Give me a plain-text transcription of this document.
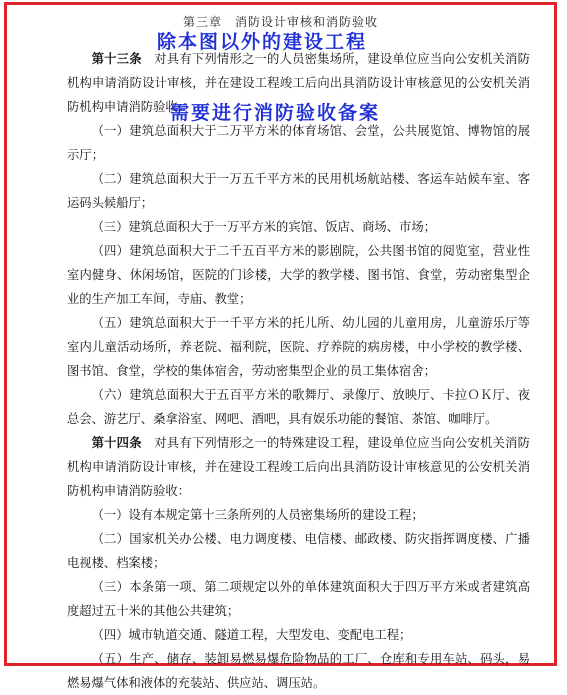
第三章　消防设计审核和消防验收

第十三条　对具有下列情形之一的人员密集场所，建设单位应当向公安机关消防机构申请消防设计审核，并在建设工程竣工后向出具消防设计审核意见的公安机关消防机构申请消防验收：

（一）建筑总面积大于二万平方米的体育场馆、会堂，公共展览馆、博物馆的展示厅；

（二）建筑总面积大于一万五千平方米的民用机场航站楼、客运车站候车室、客运码头候船厅；

（三）建筑总面积大于一万平方米的宾馆、饭店、商场、市场；

（四）建筑总面积大于二千五百平方米的影剧院，公共图书馆的阅览室，营业性室内健身、休闲场馆，医院的门诊楼，大学的教学楼、图书馆、食堂，劳动密集型企业的生产加工车间，寺庙、教堂；

（五）建筑总面积大于一千平方米的托儿所、幼儿园的儿童用房，儿童游乐厅等室内儿童活动场所，养老院、福利院，医院、疗养院的病房楼，中小学校的教学楼、图书馆、食堂，学校的集体宿舍，劳动密集型企业的员工集体宿舍；

（六）建筑总面积大于五百平方米的歌舞厅、录像厅、放映厅、卡拉ＯＫ厅、夜总会、游艺厅、桑拿浴室、网吧、酒吧，具有娱乐功能的餐馆、茶馆、咖啡厅。

第十四条　对具有下列情形之一的特殊建设工程，建设单位应当向公安机关消防机构申请消防设计审核，并在建设工程竣工后向出具消防设计审核意见的公安机关消防机构申请消防验收：

（一）设有本规定第十三条所列的人员密集场所的建设工程；

（二）国家机关办公楼、电力调度楼、电信楼、邮政楼、防灾指挥调度楼、广播电视楼、档案楼；

（三）本条第一项、第二项规定以外的单体建筑面积大于四万平方米或者建筑高度超过五十米的其他公共建筑；

（四）城市轨道交通、隧道工程，大型发电、变配电工程；

（五）生产、储存、装卸易燃易爆危险物品的工厂、仓库和专用车站、码头，易燃易爆气体和液体的充装站、供应站、调压站。

除本图以外的建设工程
需要进行消防验收备案
